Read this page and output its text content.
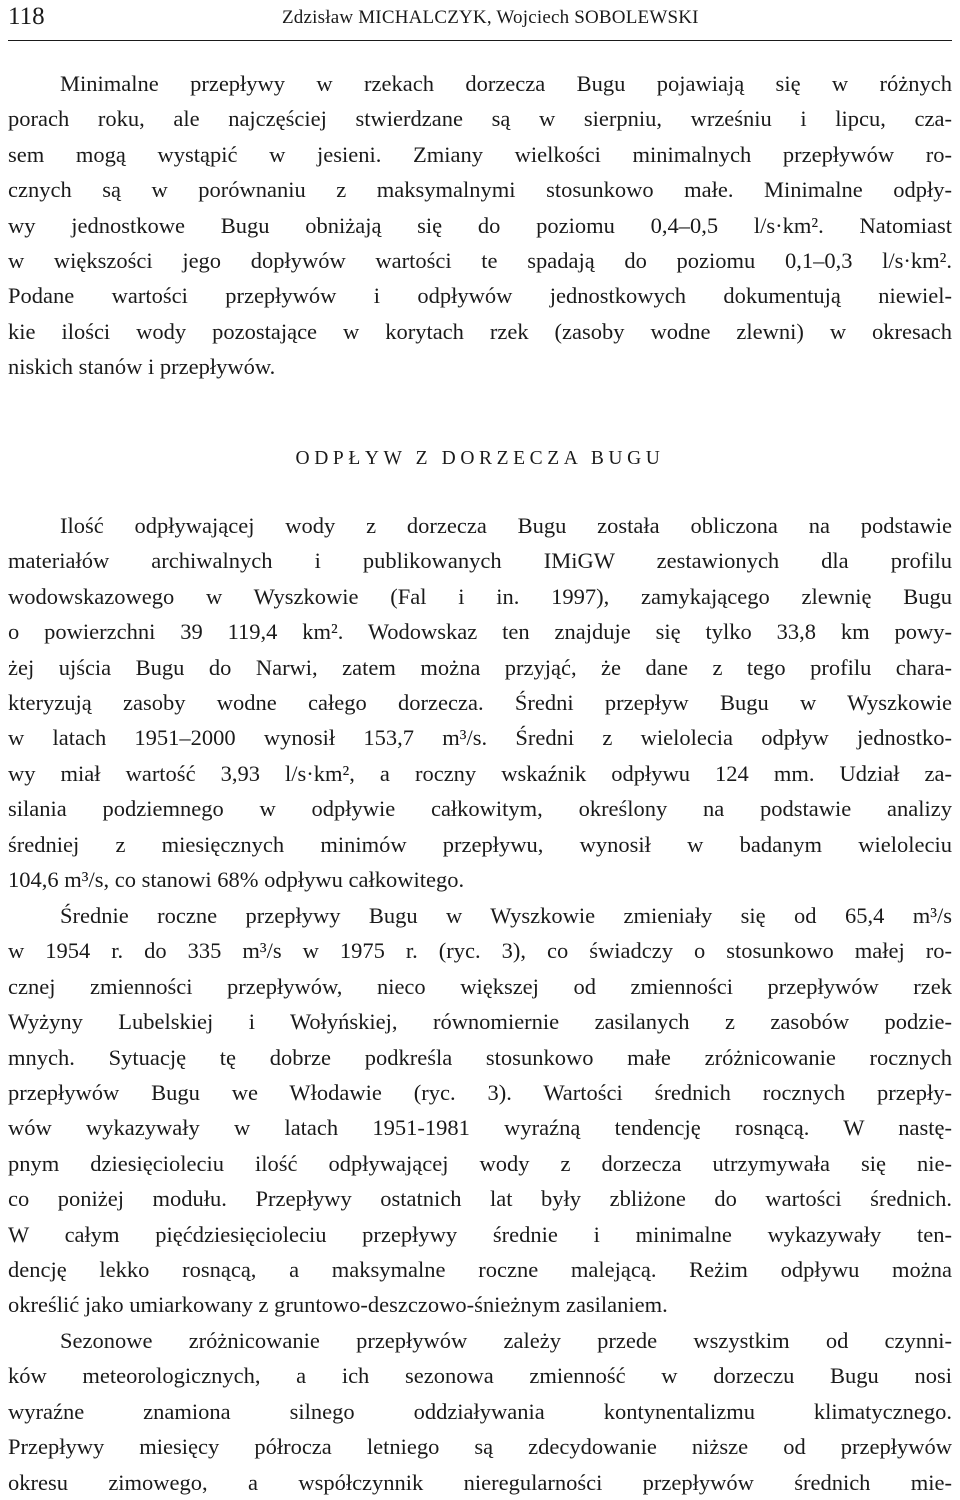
118	Zdzisław MICHALCZYK, Wojciech SOBOLEWSKI
Minimalne przepływy w rzekach dorzecza Bugu pojawiają się w różnych
porach roku, ale najczęściej stwierdzane są w sierpniu, wrześniu i lipcu, cza-
sem mogą wystąpić w jesieni. Zmiany wielkości minimalnych przepływów ro-
cznych są w porównaniu z maksymalnymi stosunkowo małe. Minimalne odpły-
wy jednostkowe Bugu obniżają się do poziomu 0,4–0,5 l/s·km². Natomiast
w większości jego dopływów wartości te spadają do poziomu 0,1–0,3 l/s·km².
Podane wartości przepływów i odpływów jednostkowych dokumentują niewiel-
kie ilości wody pozostające w korytach rzek (zasoby wodne zlewni) w okresach
niskich stanów i przepływów.
ODPŁYW Z DORZECZA BUGU
Ilość odpływającej wody z dorzecza Bugu została obliczona na podstawie
materiałów archiwalnych i publikowanych IMiGW zestawionych dla profilu
wodowskazowego w Wyszkowie (Fal i in. 1997), zamykającego zlewnię Bugu
o powierzchni 39 119,4 km². Wodowskaz ten znajduje się tylko 33,8 km powy-
żej ujścia Bugu do Narwi, zatem można przyjąć, że dane z tego profilu chara-
kteryzują zasoby wodne całego dorzecza. Średni przepływ Bugu w Wyszkowie
w latach 1951–2000 wynosił 153,7 m³/s. Średni z wielolecia odpływ jednostko-
wy miał wartość 3,93 l/s·km², a roczny wskaźnik odpływu 124 mm. Udział za-
silania podziemnego w odpływie całkowitym, określony na podstawie analizy
średniej z miesięcznych minimów przepływu, wynosił w badanym wieloleciu
104,6 m³/s, co stanowi 68% odpływu całkowitego.
Średnie roczne przepływy Bugu w Wyszkowie zmieniały się od 65,4 m³/s
w 1954 r. do 335 m³/s w 1975 r. (ryc. 3), co świadczy o stosunkowo małej ro-
cznej zmienności przepływów, nieco większej od zmienności przepływów rzek
Wyżyny Lubelskiej i Wołyńskiej, równomiernie zasilanych z zasobów podzie-
mnych. Sytuację tę dobrze podkreśla stosunkowo małe zróżnicowanie rocznych
przepływów Bugu we Włodawie (ryc. 3). Wartości średnich rocznych przepły-
wów wykazywały w latach 1951-1981 wyraźną tendencję rosnącą. W nastę-
pnym dziesięcioleciu ilość odpływającej wody z dorzecza utrzymywała się nie-
co poniżej modułu. Przepływy ostatnich lat były zbliżone do wartości średnich.
W całym pięćdziesięcioleciu przepływy średnie i minimalne wykazywały ten-
dencję lekko rosnącą, a maksymalne roczne malejącą. Reżim odpływu można
określić jako umiarkowany z gruntowo-deszczowo-śnieżnym zasilaniem.
Sezonowe zróżnicowanie przepływów zależy przede wszystkim od czynni-
ków meteorologicznych, a ich sezonowa zmienność w dorzeczu Bugu nosi
wyraźne znamiona silnego oddziaływania kontynentalizmu klimatycznego.
Przepływy miesięcy półrocza letniego są zdecydowanie niższe od przepływów
okresu zimowego, a współczynnik nieregularności przepływów średnich mie-
